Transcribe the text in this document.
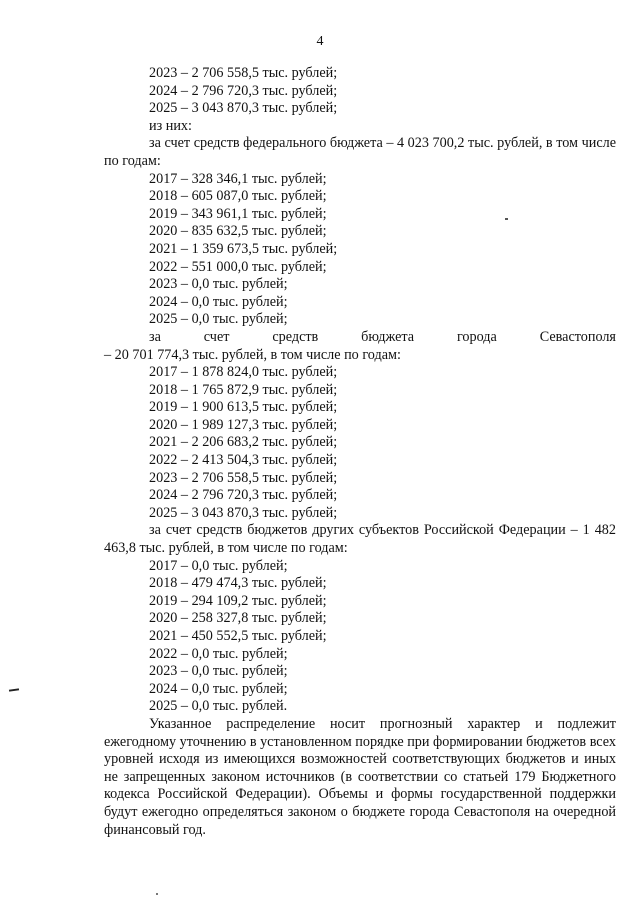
4
2023 – 2 706 558,5 тыс. рублей;
2024 – 2 796 720,3 тыс. рублей;
2025 – 3 043 870,3 тыс. рублей;
из них:
за счет средств федерального бюджета – 4 023 700,2 тыс. рублей, в том числе по годам:
2017 – 328 346,1 тыс. рублей;
2018 – 605 087,0 тыс. рублей;
2019 – 343 961,1 тыс. рублей;
2020 – 835 632,5 тыс. рублей;
2021 – 1 359 673,5 тыс. рублей;
2022 – 551 000,0 тыс. рублей;
2023 – 0,0 тыс. рублей;
2024 – 0,0 тыс. рублей;
2025 – 0,0 тыс. рублей;
за	счет	средств	бюджета	города	Севастополя
– 20 701 774,3 тыс. рублей, в том числе по годам:
2017 – 1 878 824,0 тыс. рублей;
2018 – 1 765 872,9 тыс. рублей;
2019 – 1 900 613,5 тыс. рублей;
2020 – 1 989 127,3 тыс. рублей;
2021 – 2 206 683,2 тыс. рублей;
2022 – 2 413 504,3 тыс. рублей;
2023 – 2 706 558,5 тыс. рублей;
2024 – 2 796 720,3 тыс. рублей;
2025 – 3 043 870,3 тыс. рублей;
за счет средств бюджетов других субъектов Российской Федерации – 1 482 463,8 тыс. рублей, в том числе по годам:
2017 – 0,0 тыс. рублей;
2018 – 479 474,3 тыс. рублей;
2019 – 294 109,2 тыс. рублей;
2020 – 258 327,8 тыс. рублей;
2021 – 450 552,5 тыс. рублей;
2022 – 0,0 тыс. рублей;
2023 – 0,0 тыс. рублей;
2024 – 0,0 тыс. рублей;
2025 – 0,0 тыс. рублей.
Указанное распределение носит прогнозный характер и подлежит ежегодному уточнению в установленном порядке при формировании бюджетов всех уровней исходя из имеющихся возможностей соответствующих бюджетов и иных не запрещенных законом источников (в соответствии со статьей 179 Бюджетного кодекса Российской Федерации). Объемы и формы государственной поддержки будут ежегодно определяться законом о бюджете города Севастополя на очередной финансовый год.
